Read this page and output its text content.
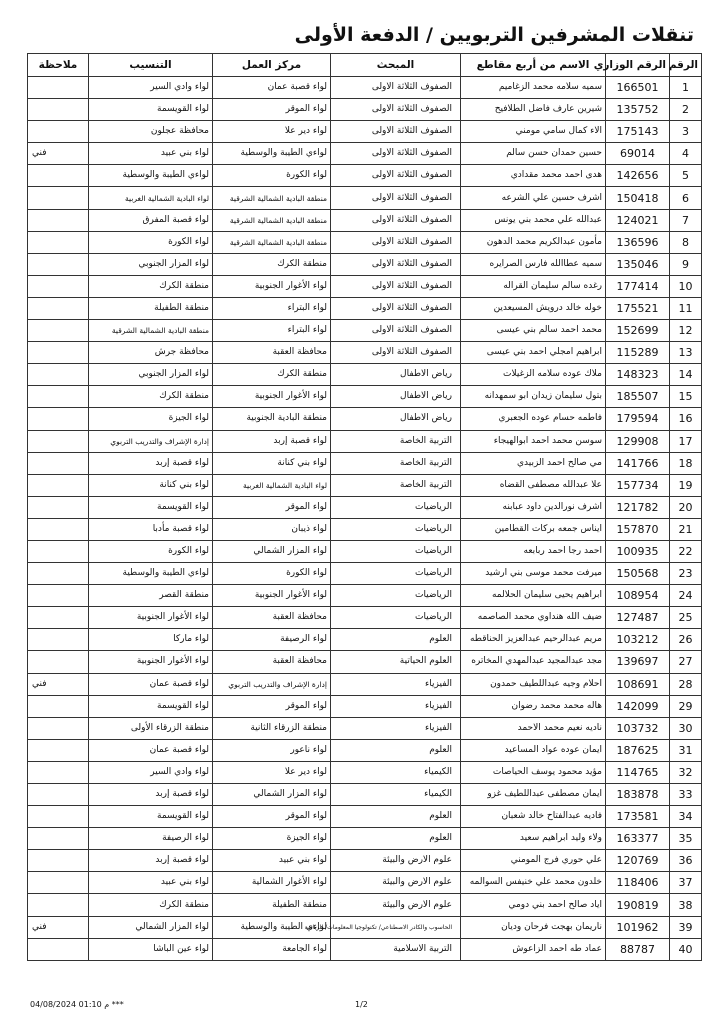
تنقلات المشرفين التربويين / الدفعة الأولى
الرقم	الرقم الوزاري	الاسم من أربع مقاطع	المبحث	مركز العمل	التنسيب	ملاحظة
1	166501	سميه سلامه محمد الزغاميم	الصفوف الثلاثة الاولى	لواء قصبة عمان	لواء وادي السير	
2	135752	شيرين عارف فاضل الطلافيح	الصفوف الثلاثة الاولى	لواء الموقر	لواء القويسمة	
3	175143	الاء كمال سامي مومني	الصفوف الثلاثة الاولى	لواء دير علا	محافظة عجلون	
4	69014	حسين حمدان حسن سالم	الصفوف الثلاثة الاولى	لواءي الطيبة والوسطية	لواء بني عبيد	فني
5	142656	هدى احمد محمد مقدادي	الصفوف الثلاثة الاولى	لواء الكورة	لواءي الطيبة والوسطية	
6	150418	اشرف حسين علي الشرعه	الصفوف الثلاثة الاولى	منطقة البادية الشمالية الشرقية	لواء البادية الشمالية الغربية	
7	124021	عبدالله علي محمد بني يونس	الصفوف الثلاثة الاولى	منطقة البادية الشمالية الشرقية	لواء قصبة المفرق	
8	136596	مأمون عبدالكريم محمد الدهون	الصفوف الثلاثة الاولى	منطقة البادية الشمالية الشرقية	لواء الكورة	
9	135046	سميه عطاالله فارس الصرايره	الصفوف الثلاثة الاولى	منطقة الكرك	لواء المزار الجنوبي	
10	177414	رغده سالم سليمان القراله	الصفوف الثلاثة الاولى	لواء الأغوار الجنوبية	منطقة الكرك	
11	175521	خوله خالد درويش المسيعدين	الصفوف الثلاثة الاولى	لواء البتراء	منطقة الطفيلة	
12	152699	محمد احمد سالم بني عيسى	الصفوف الثلاثة الاولى	لواء البتراء	منطقة البادية الشمالية الشرقية	
13	115289	ابراهيم امجلي احمد بني عيسى	الصفوف الثلاثة الاولى	محافظة العقبة	محافظة جرش	
14	148323	ملاك عوده سلامه الزغيلات	رياض الاطفال	منطقة الكرك	لواء المزار الجنوبي	
15	185507	بتول سليمان زيدان ابو سمهدانه	رياض الاطفال	لواء الأغوار الجنوبية	منطقة الكرك	
16	179594	فاطمه حسام عوده الجعبري	رياض الاطفال	منطقة البادية الجنوبية	لواء الجيزة	
17	129908	سوسن محمد احمد ابوالهيجاء	التربية الخاصة	لواء قصبة إربد	إدارة الإشراف والتدريب التربوي	
18	141766	مي صالح احمد الزبيدي	التربية الخاصة	لواء بني كنانة	لواء قصبة إربد	
19	157734	علا عبدالله مصطفى القضاه	التربية الخاصة	لواء البادية الشمالية الغربية	لواء بني كنانة	
20	121782	اشرف نورالدين داود عبابنه	الرياضيات	لواء الموقر	لواء القويسمة	
21	157870	ايناس جمعه بركات القطامين	الرياضيات	لواء ذيبان	لواء قصبة مأدبا	
22	100935	احمد رجا احمد ربابعه	الرياضيات	لواء المزار الشمالي	لواء الكورة	
23	150568	ميرفت محمد موسى بني ارشيد	الرياضيات	لواء الكورة	لواءي الطيبة والوسطية	
24	108954	ابراهيم يحيى سليمان الحلالمه	الرياضيات	لواء الأغوار الجنوبية	منطقة القصر	
25	127487	ضيف الله هنداوي محمد الصاصمه	الرياضيات	محافظة العقبة	لواء الأغوار الجنوبية	
26	103212	مريم عبدالرحيم عبدالعزيز الحناقطه	العلوم	لواء الرصيفة	لواء ماركا	
27	139697	مجد عبدالمجيد عبدالمهدي المخاتره	العلوم الحياتية	محافظة العقبة	لواء الأغوار الجنوبية	
28	108691	احلام وجيه عبداللطيف حمدون	الفيزياء	إدارة الإشراف والتدريب التربوي	لواء قصبة عمان	فني
29	142099	هاله محمد محمد رضوان	الفيزياء	لواء الموقر	لواء القويسمة	
30	103732	ناديه نعيم محمد الاحمد	الفيزياء	منطقة الزرقاء الثانية	منطقة الزرقاء الأولى	
31	187625	ايمان عوده عواد المساعيد	العلوم	لواء ناعور	لواء قصبة عمان	
32	114765	مؤيد محمود يوسف الحياصات	الكيمياء	لواء دير علا	لواء وادي السير	
33	183878	ايمان مصطفى عبداللطيف غزو	الكيمياء	لواء المزار الشمالي	لواء قصبة إربد	
34	173581	فاديه عبدالفتاح خالد شعبان	العلوم	لواء الموقر	لواء القويسمة	
35	163377	ولاء وليد ابراهيم سعيد	العلوم	لواء الجيزة	لواء الرصيفة	
36	120769	علي حوري فرج المومني	علوم الارض والبيئة	لواء بني عبيد	لواء قصبة إربد	
37	118406	خلدون محمد علي خنيفس السوالمه	علوم الارض والبيئة	لواء الأغوار الشمالية	لواء بني عبيد	
38	190819	اياد صالح احمد بني دومي	علوم الارض والبيئة	منطقة الطفيلة	منطقة الكرك	
39	101962	ناريمان بهجت فرحان وديان	الحاسوب والكادر الاصطناعي/ تكنولوجيا المعلومات/ الرياضة	لواءي الطيبة والوسطية	لواء المزار الشمالي	فني
40	88787	عماد طه احمد الزاعوش	التربية الاسلامية	لواء الجامعة	لواء عين الباشا	
04/08/2024 م 01:10 ***	1/2
